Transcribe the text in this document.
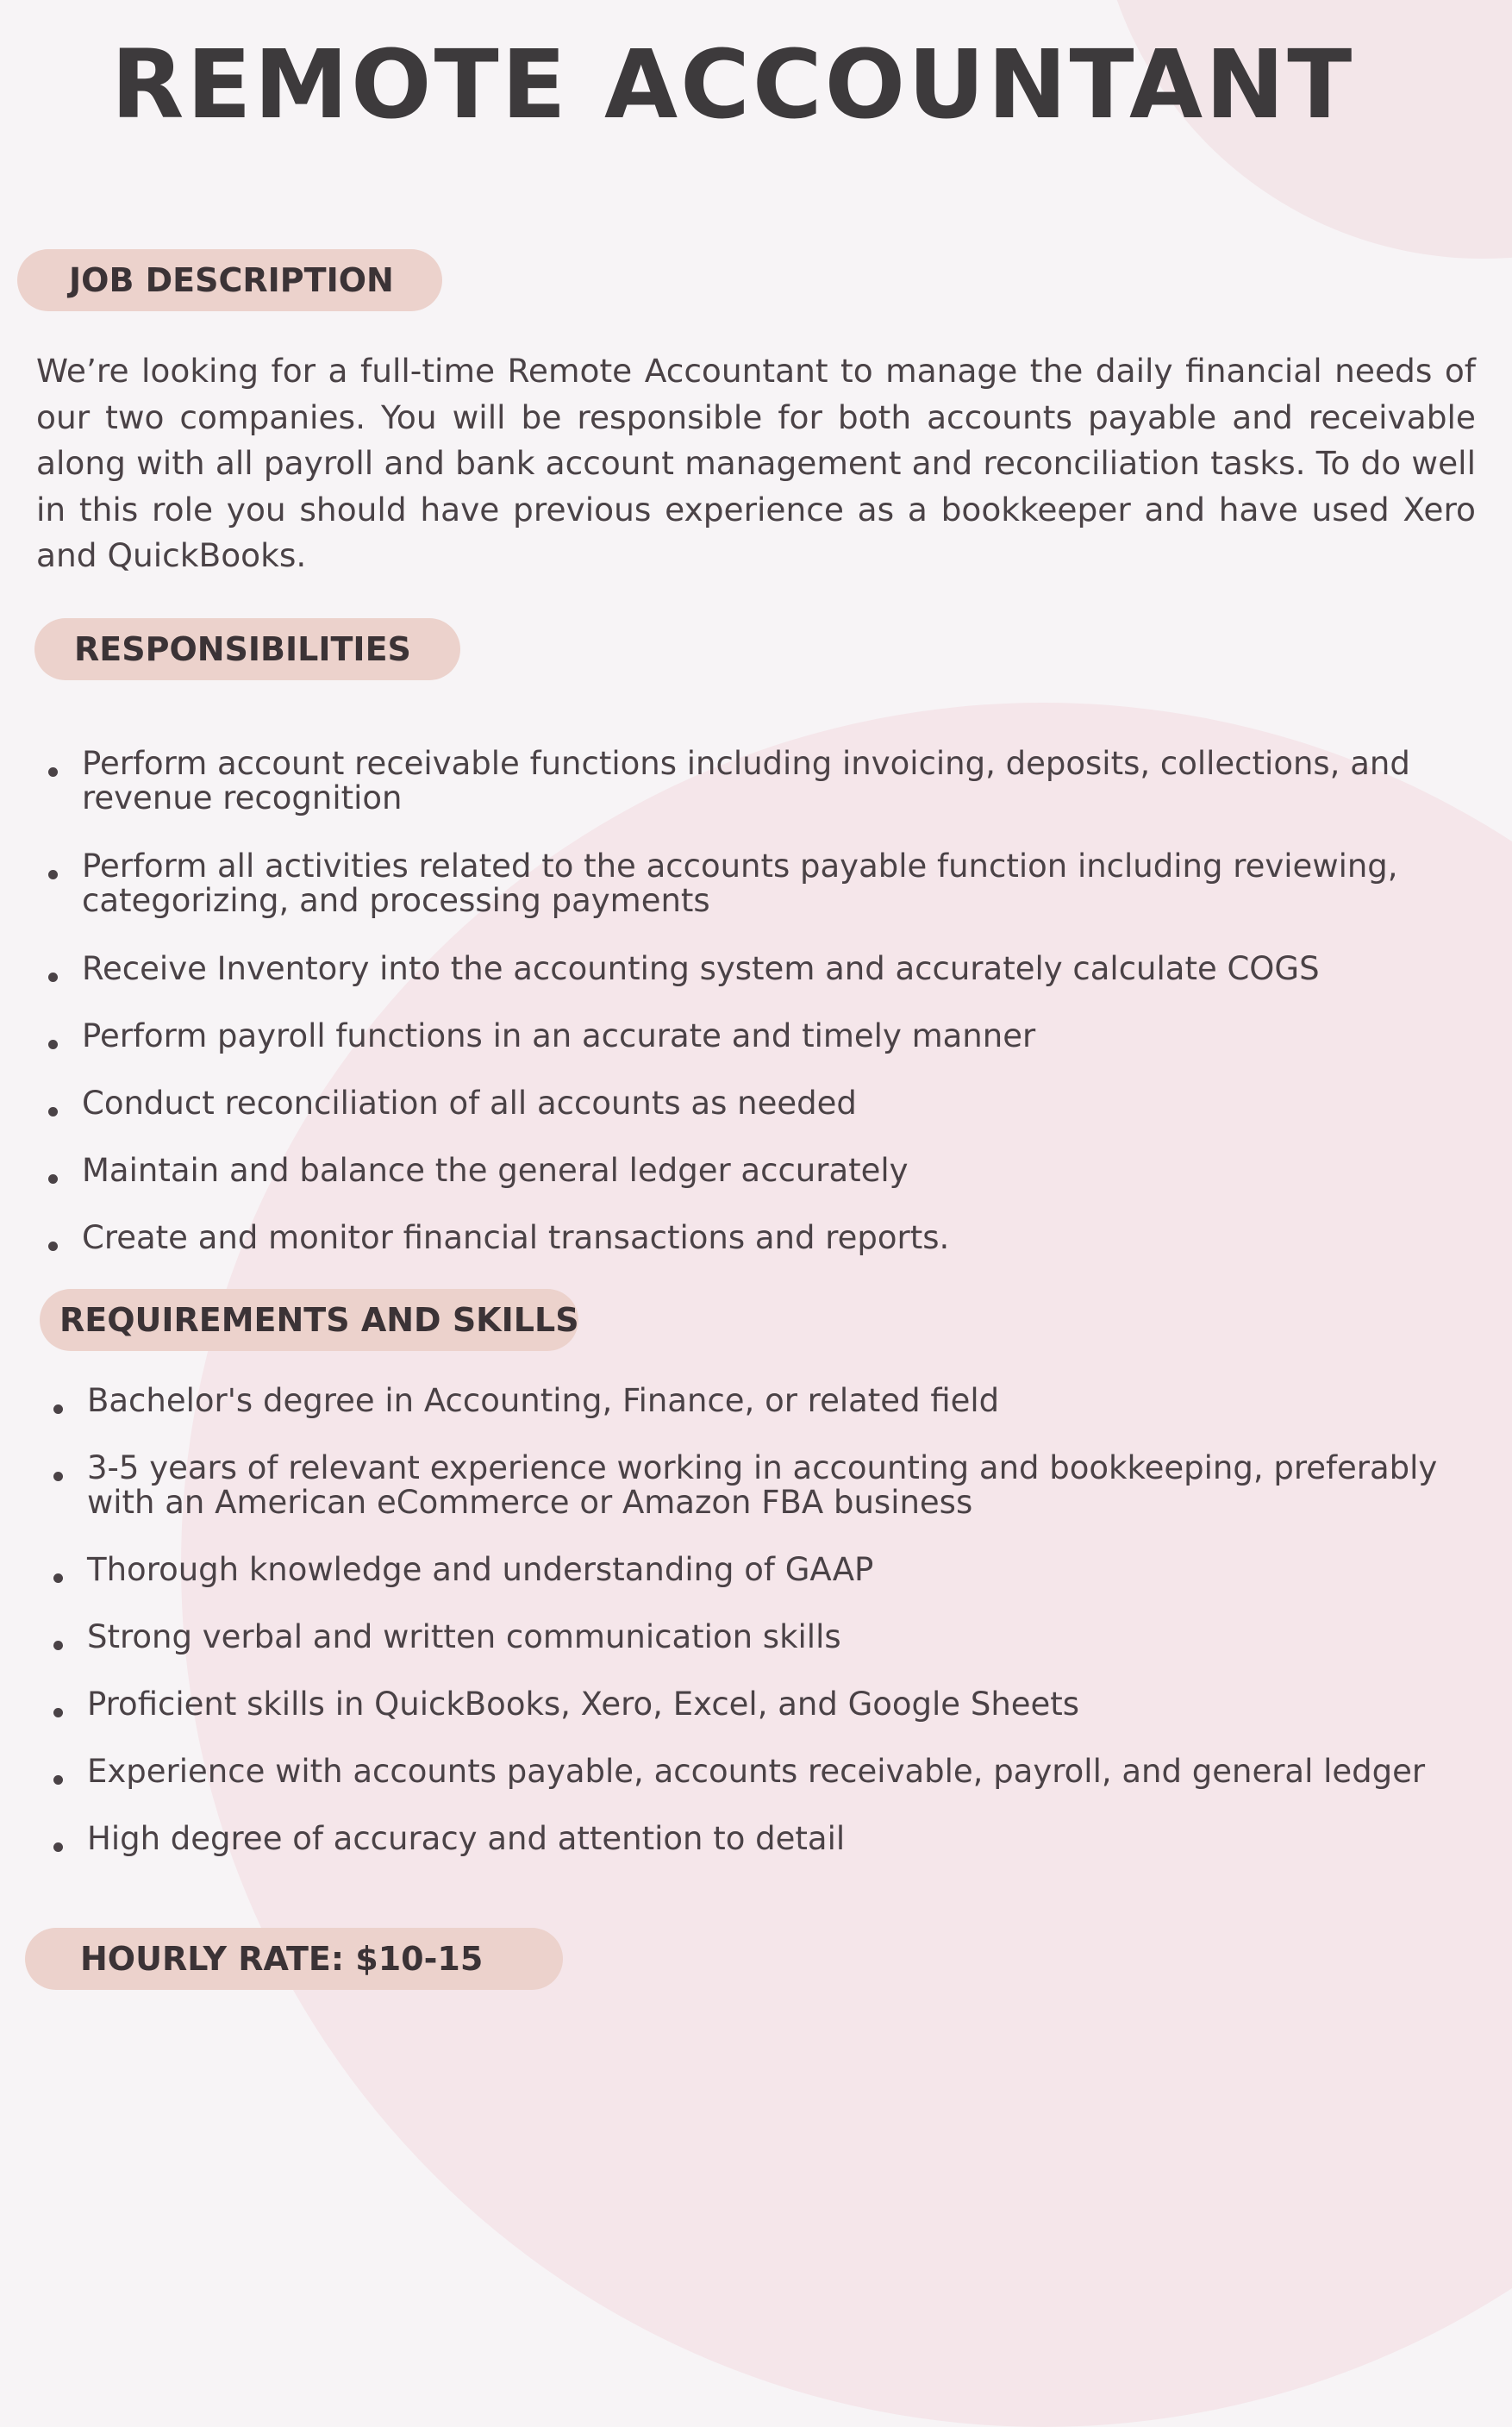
REMOTE ACCOUNTANT
JOB DESCRIPTION

We’re looking for a full-time Remote Accountant to manage the daily financial needs of our two companies. You will be responsible for both accounts payable and receivable along with all payroll and bank account management and reconciliation tasks. To do well in this role you should have previous experience as a bookkeeper and have used Xero and QuickBooks.

RESPONSIBILITIES
Perform account receivable functions including invoicing, deposits, collections, and revenue recognition
Perform all activities related to the accounts payable function including reviewing, categorizing, and processing payments
Receive Inventory into the accounting system and accurately calculate COGS
Perform payroll functions in an accurate and timely manner
Conduct reconciliation of all accounts as needed
Maintain and balance the general ledger accurately
Create and monitor financial transactions and reports.
REQUIREMENTS AND SKILLS
Bachelor's degree in Accounting, Finance, or related field
3-5 years of relevant experience working in accounting and bookkeeping, preferably with an American eCommerce or Amazon FBA business
Thorough knowledge and understanding of GAAP
Strong verbal and written communication skills
Proficient skills in QuickBooks, Xero, Excel, and Google Sheets
Experience with accounts payable, accounts receivable, payroll, and general ledger
High degree of accuracy and attention to detail
HOURLY RATE: $10-15
